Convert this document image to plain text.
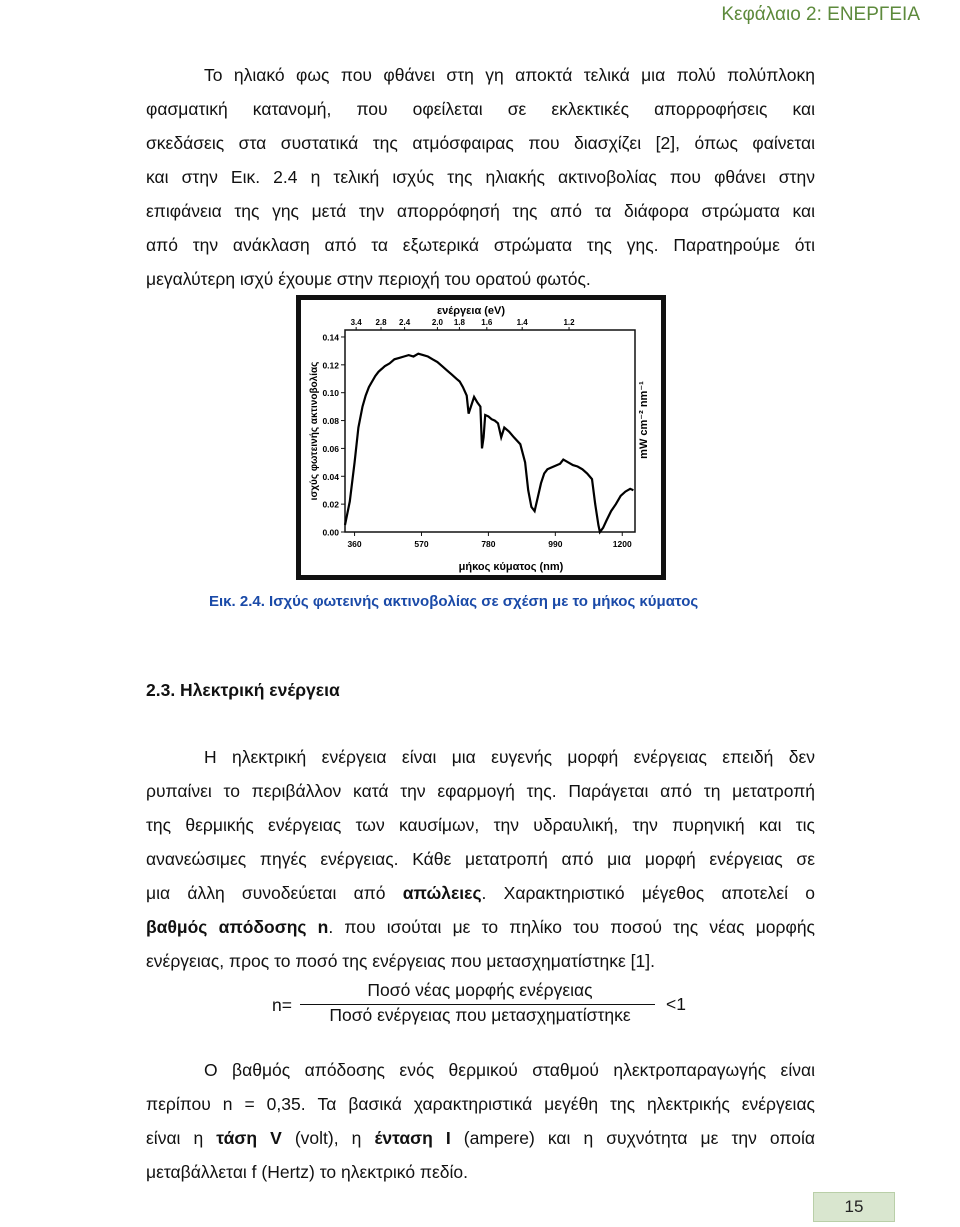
Κεφάλαιο 2: ΕΝΕΡΓΕΙΑ
Το ηλιακό φως που φθάνει στη γη αποκτά τελικά μια πολύ πολύπλοκη
φασματική κατανομή, που οφείλεται σε εκλεκτικές απορροφήσεις και
σκεδάσεις στα συστατικά της ατμόσφαιρας που διασχίζει [2], όπως φαίνεται
και στην Εικ. 2.4 η τελική ισχύς της ηλιακής ακτινοβολίας που φθάνει στην
επιφάνεια της γης μετά την απορρόφησή της από τα διάφορα στρώματα και
από την ανάκλαση από τα εξωτερικά στρώματα της γης. Παρατηρούμε ότι
μεγαλύτερη ισχύ έχουμε στην περιοχή του ορατού φωτός.
ενέργεια (eV)
3.4 2.8 2.4	2.0 1.8 1.6	1.4	1.2
0.00
0.02
0.04
0.06
0.08
0.10
0.12
0.14
360	570	780	990	1200
ισχύς φωτεινής ακτινοβολίας	mW cm⁻² nm⁻¹
μήκος κύματος (nm)
Εικ. 2.4. Ισχύς φωτεινής ακτινοβολίας σε σχέση με το μήκος κύματος
2.3. Ηλεκτρική ενέργεια
Η ηλεκτρική ενέργεια είναι μια ευγενής μορφή ενέργειας επειδή δεν
ρυπαίνει το περιβάλλον κατά την εφαρμογή της. Παράγεται από τη μετατροπή
της θερμικής ενέργειας των καυσίμων, την υδραυλική, την πυρηνική και τις
ανανεώσιμες πηγές ενέργειας. Κάθε μετατροπή από μια μορφή ενέργειας σε
μια άλλη συνοδεύεται από απώλειες. Χαρακτηριστικό μέγεθος αποτελεί ο
βαθμός απόδοσης n. που ισούται με το πηλίκο του ποσού της νέας μορφής
ενέργειας, προς το ποσό της ενέργειας που μετασχηματίστηκε [1].
n=
Ποσό νέας μορφής ενέργειας
Ποσό ενέργειας που μετασχηματίστηκε
<1
Ο βαθμός απόδοσης ενός θερμικού σταθμού ηλεκτροπαραγωγής είναι
περίπου n = 0,35. Τα βασικά χαρακτηριστικά μεγέθη της ηλεκτρικής ενέργειας
είναι η τάση V (volt), η ένταση I (ampere) και η συχνότητα με την οποία
μεταβάλλεται f (Hertz) το ηλεκτρικό πεδίο.
15
